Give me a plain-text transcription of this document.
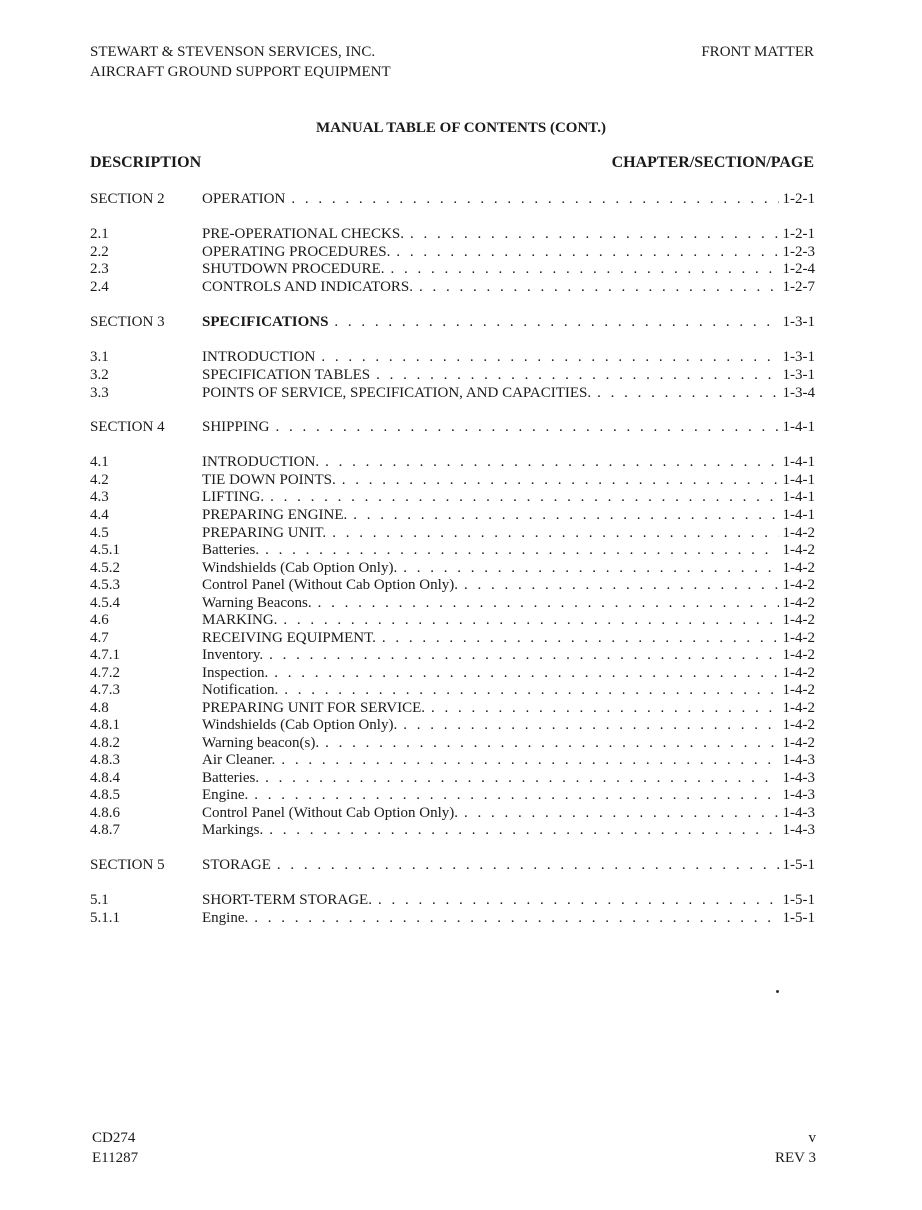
STEWART & STEVENSON SERVICES, INC.
AIRCRAFT GROUND SUPPORT EQUIPMENT
FRONT MATTER
MANUAL TABLE OF CONTENTS (CONT.)
DESCRIPTION	CHAPTER/SECTION/PAGE
SECTION 2 OPERATION . . .	1-2-1
2.1	PRE-OPERATIONAL CHECKS. . . .	1-2-1
2.2	OPERATING PROCEDURES. . . .	1-2-3
2.3	SHUTDOWN PROCEDURE. . . .	1-2-4
2.4	CONTROLS AND INDICATORS. . . .	1-2-7
SECTION 3 SPECIFICATIONS . . .	1-3-1
3.1	INTRODUCTION . . .	1-3-1
3.2	SPECIFICATION TABLES . . .	1-3-1
3.3	POINTS OF SERVICE, SPECIFICATION, AND CAPACITIES. . . .	1-3-4
SECTION 4 SHIPPING . . .	1-4-1
4.1	INTRODUCTION. . . .	1-4-1
4.2	TIE DOWN POINTS. . . .	1-4-1
4.3	LIFTING. . . .	1-4-1
4.4	PREPARING ENGINE. . . .	1-4-1
4.5	PREPARING UNIT. . . .	1-4-2
4.5.1	Batteries. . . .	1-4-2
4.5.2	Windshields (Cab Option Only). . . .	1-4-2
4.5.3	Control Panel (Without Cab Option Only). . . .	1-4-2
4.5.4	Warning Beacons. . . .	1-4-2
4.6	MARKING. . . .	1-4-2
4.7	RECEIVING EQUIPMENT. . . .	1-4-2
4.7.1	Inventory. . . .	1-4-2
4.7.2	Inspection. . . .	1-4-2
4.7.3	Notification. . . .	1-4-2
4.8	PREPARING UNIT FOR SERVICE. . . .	1-4-2
4.8.1	Windshields (Cab Option Only). . . .	1-4-2
4.8.2	Warning beacon(s). . . .	1-4-2
4.8.3	Air Cleaner. . . .	1-4-3
4.8.4	Batteries. . . .	1-4-3
4.8.5	Engine. . . .	1-4-3
4.8.6	Control Panel (Without Cab Option Only). . . .	1-4-3
4.8.7	Markings. . . .	1-4-3
SECTION 5 STORAGE . . .	1-5-1
5.1	SHORT-TERM STORAGE. . . .	1-5-1
5.1.1	Engine. . . .	1-5-1
CD274
E11287
v
REV 3
